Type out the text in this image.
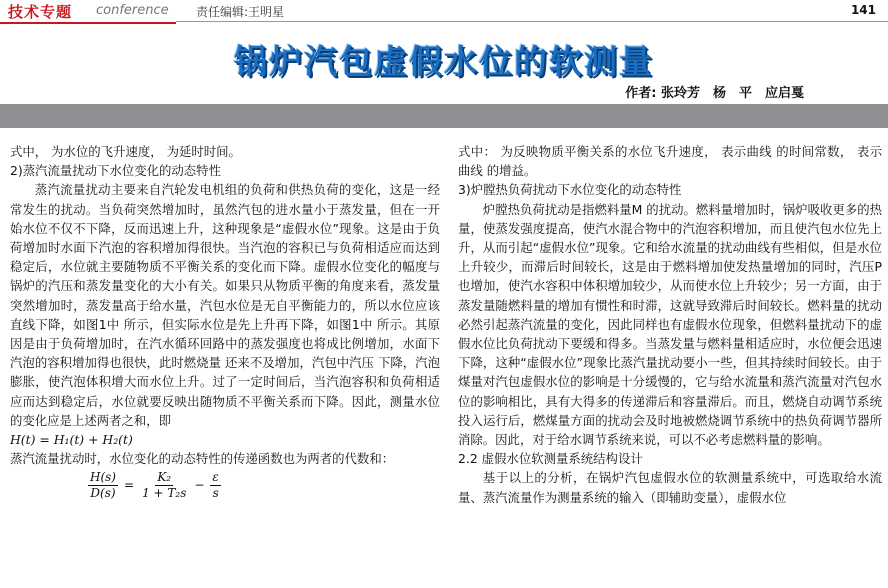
技术专题 conference 责任编辑:王明星	141
锅炉汽包虚假水位的软测量
作者: 张玲芳　杨　平　应启戛

式中， 为水位的飞升速度， 为延时时间。

2)蒸汽流量扰动下水位变化的动态特性

蒸汽流量扰动主要来自汽轮发电机组的负荷和供热负荷的变化，这是一经常发生的扰动。当负荷突然增加时，虽然汽包的进水量小于蒸发量，但在一开始水位不仅不下降，反而迅速上升，这种现象是“虚假水位”现象。这是由于负荷增加时水面下汽泡的容积增加得很快。当汽泡的容积已与负荷相适应而达到稳定后，水位就主要随物质不平衡关系的变化而下降。虚假水位变化的幅度与锅炉的汽压和蒸发量变化的大小有关。如果只从物质平衡的角度来看，蒸发量突然增加时，蒸发量高于给水量，汽包水位是无自平衡能力的，所以水位应该直线下降，如图1中 所示，但实际水位是先上升再下降，如图1中 所示。其原因是由于负荷增加时，在汽水循环回路中的蒸发强度也将成比例增加，水面下汽泡的容积增加得也很快，此时燃烧量 还来不及增加，汽包中汽压 下降，汽泡膨胀，使汽泡体积增大而水位上升。过了一定时间后，当汽泡容积和负荷相适应而达到稳定后，水位就要反映出随物质不平衡关系而下降。因此，测量水位的变化应是上述两者之和，即

H(t) = H₁(t) + H₂(t)

蒸汽流量扰动时，水位变化的动态特性的传递函数也为两者的代数和：

$\frac{H(s)}{D(s)} = \frac{\text{K₂}}{\text{1 + T₂s}} - \frac{\varepsilon}{s}$

式中： 为反映物质平衡关系的水位飞升速度， 表示曲线 的时间常数， 表示曲线 的增益。

3)炉膛热负荷扰动下水位变化的动态特性

炉膛热负荷扰动是指燃料量M 的扰动。燃料量增加时，锅炉吸收更多的热量，使蒸发强度提高，使汽水混合物中的汽泡容积增加，而且使汽包水位先上升，从而引起“虚假水位”现象。它和给水流量的扰动曲线有些相似，但是水位上升较少，而滞后时间较长，这是由于燃料增加使发热量增加的同时，汽压P也增加，使汽水容积中体积增加较少，从而使水位上升较少；另一方面，由于蒸发量随燃料量的增加有惯性和时滞，这就导致滞后时间较长。燃料量的扰动必然引起蒸汽流量的变化，因此同样也有虚假水位现象，但燃料量扰动下的虚假水位比负荷扰动下要缓和得多。当蒸发量与燃料量相适应时，水位便会迅速下降，这种“虚假水位”现象比蒸汽量扰动要小一些，但其持续时间较长。由于煤量对汽包虚假水位的影响是十分缓慢的，它与给水流量和蒸汽流量对汽包水位的影响相比，具有大得多的传递滞后和容量滞后。而且，燃烧自动调节系统投入运行后，燃煤量方面的扰动会及时地被燃烧调节系统中的热负荷调节器所消除。因此，对于给水调节系统来说，可以不必考虑燃料量的影响。

2.2 虚假水位软测量系统结构设计

基于以上的分析，在锅炉汽包虚假水位的软测量系统中，可选取给水流量、蒸汽流量作为测量系统的输入（即辅助变量），虚假水位
